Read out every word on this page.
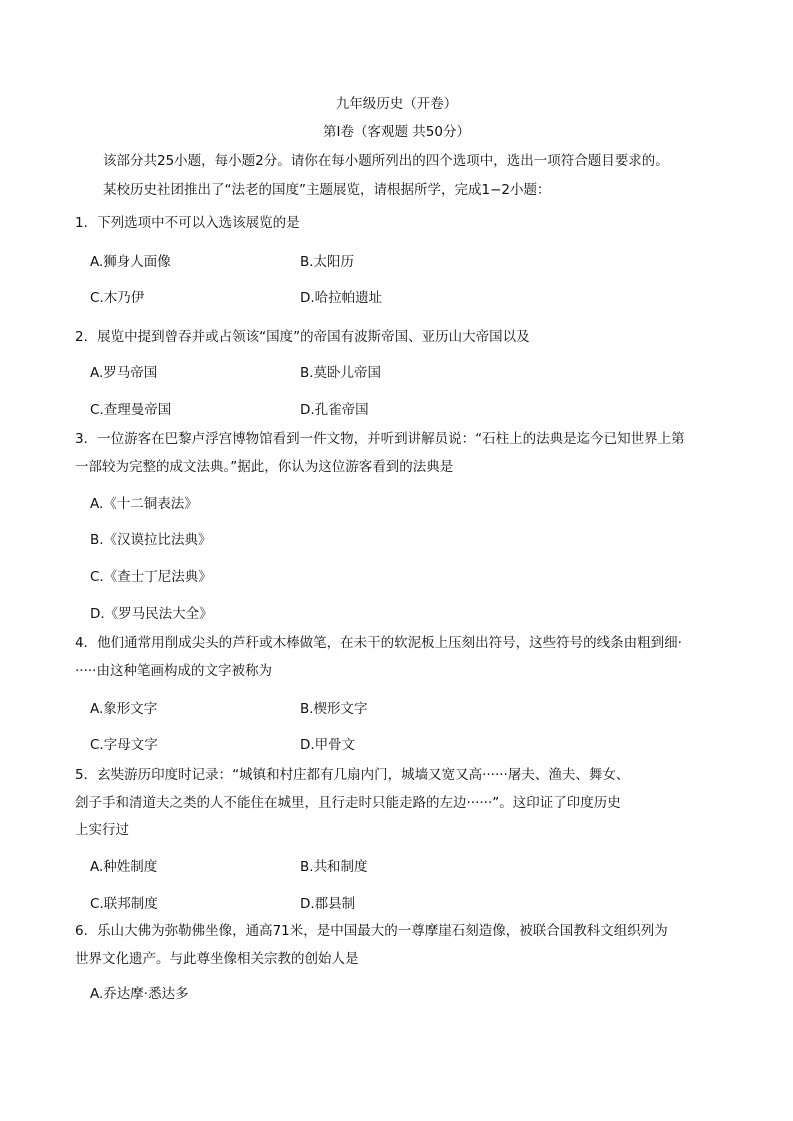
九年级历史（开卷）
第Ⅰ卷（客观题 共50分）
该部分共25小题，每小题2分。请你在每小题所列出的四个选项中，选出一项符合题目要求的。
某校历史社团推出了“法老的国度”主题展览，请根据所学，完成1−2小题：
1．下列选项中不可以入选该展览的是
A.狮身人面像	B.太阳历
C.木乃伊	D.哈拉帕遗址
2．展览中提到曾吞并或占领该“国度”的帝国有波斯帝国、亚历山大帝国以及
A.罗马帝国	B.莫卧儿帝国
C.查理曼帝国	D.孔雀帝国
3．一位游客在巴黎卢浮宫博物馆看到一件文物，并听到讲解员说：“石柱上的法典是迄今已知世界上第
一部较为完整的成文法典。”据此，你认为这位游客看到的法典是
A.《十二铜表法》
B.《汉谟拉比法典》
C.《查士丁尼法典》
D.《罗马民法大全》
4．他们通常用削成尖头的芦秆或木棒做笔，在未干的软泥板上压刻出符号，这些符号的线条由粗到细·
·····由这种笔画构成的文字被称为
A.象形文字	B.楔形文字
C.字母文字	D.甲骨文
5．玄奘游历印度时记录：“城镇和村庄都有几扇内门，城墙又宽又高······屠夫、渔夫、舞女、
刽子手和清道夫之类的人不能住在城里，且行走时只能走路的左边······”。这印证了印度历史
上实行过
A.种姓制度	B.共和制度
C.联邦制度	D.郡县制
6．乐山大佛为弥勒佛坐像，通高71米，是中国最大的一尊摩崖石刻造像，被联合国教科文组织列为
世界文化遗产。与此尊坐像相关宗教的创始人是
A.乔达摩·悉达多
